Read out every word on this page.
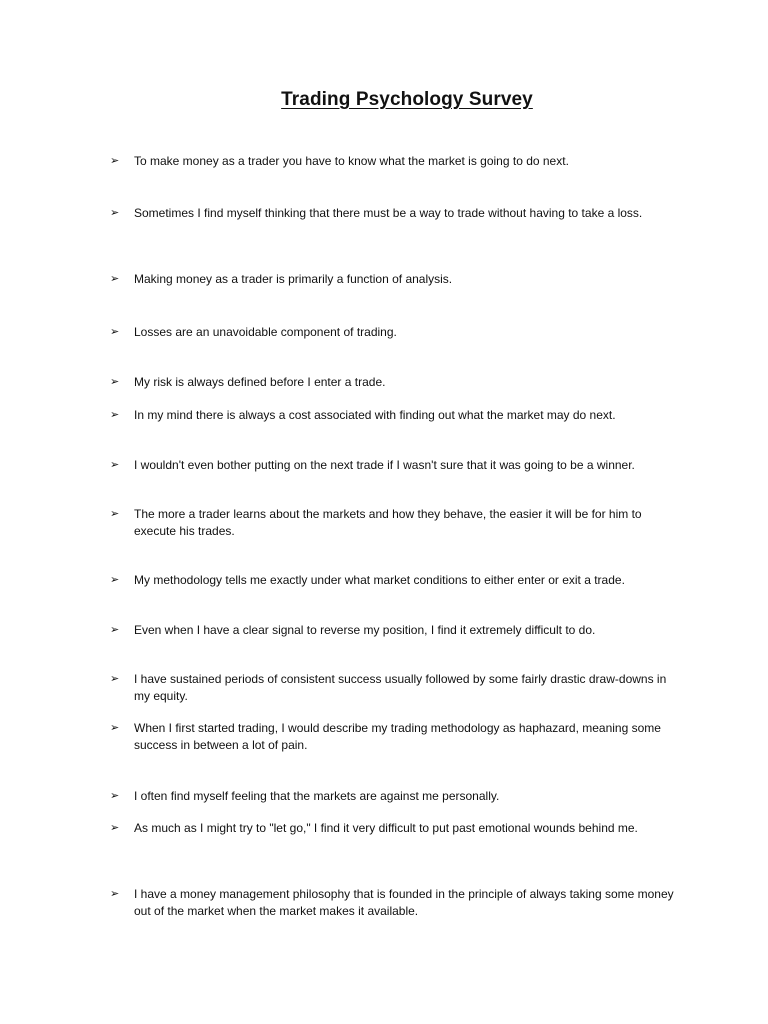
Trading Psychology Survey
➢	To make money as a trader you have to know what the market is going to do next.
➢	Sometimes I find myself thinking that there must be a way to trade without having to take a loss.
➢	Making money as a trader is primarily a function of analysis.
➢	Losses are an unavoidable component of trading.
➢	My risk is always defined before I enter a trade.
➢	In my mind there is always a cost associated with finding out what the market may do next.
➢	I wouldn't even bother putting on the next trade if I wasn't sure that it was going to be a winner.
➢	The more a trader learns about the markets and how they behave, the easier it will be for him to execute his trades.
➢	My methodology tells me exactly under what market conditions to either enter or exit a trade.
➢	Even when I have a clear signal to reverse my position, I find it extremely difficult to do.
➢	I have sustained periods of consistent success usually followed by some fairly drastic draw-downs in my equity.
➢	When I first started trading, I would describe my trading methodology as haphazard, meaning some success in between a lot of pain.
➢	I often find myself feeling that the markets are against me personally.
➢	As much as I might try to "let go," I find it very difficult to put past emotional wounds behind me.
➢	I have a money management philosophy that is founded in the principle of always taking some money out of the market when the market makes it available.
